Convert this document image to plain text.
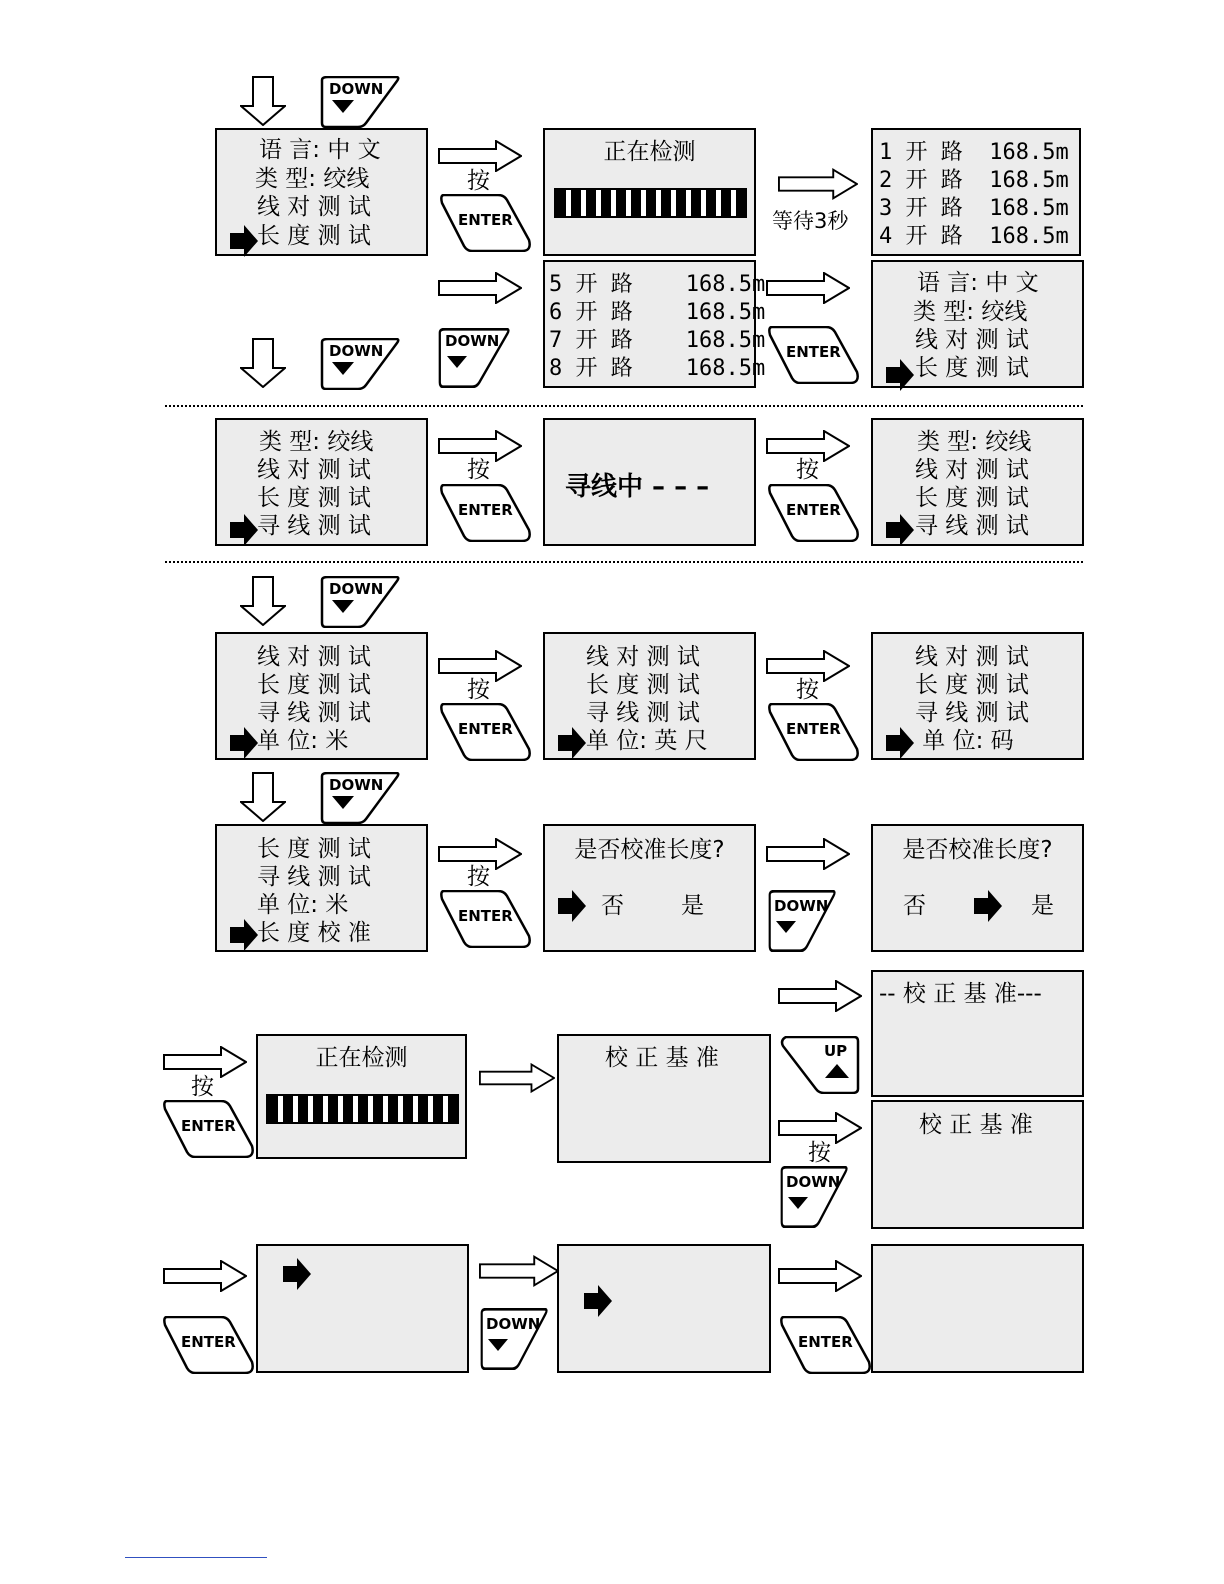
DOWN
语 言: 中 文
类 型: 绞线
线 对 测 试
长 度 测 试
按
ENTER
正在检测
等待3秒
1 开 路  168.5m
2 开 路  168.5m
3 开 路  168.5m
4 开 路  168.5m
DOWN
DOWN
5 开 路    168.5m
6 开 路    168.5m
7 开 路    168.5m
8 开 路    168.5m
ENTER
语 言: 中 文
类 型: 绞线
线 对 测 试
长 度 测 试
类 型: 绞线
线 对 测 试
长 度 测 试
寻 线 测 试
按
ENTER
寻线中 – – –
按
ENTER
类 型: 绞线
线 对 测 试
长 度 测 试
寻 线 测 试
DOWN
线 对 测 试
长 度 测 试
寻 线 测 试
单 位: 米
按
ENTER
线 对 测 试
长 度 测 试
寻 线 测 试
单 位: 英 尺
按
ENTER
线 对 测 试
长 度 测 试
寻 线 测 试
单 位: 码
DOWN
长 度 测 试
寻 线 测 试
单 位: 米
长 度 校 准
按
ENTER
是否校准长度?
否 是	DOWN
是否校准长度?
否	是
按
ENTER
正在检测	校 正 基 准	UP
-- 校 正 基 准---
按
DOWN
校 正 基 准
ENTER
DOWN
ENTER
